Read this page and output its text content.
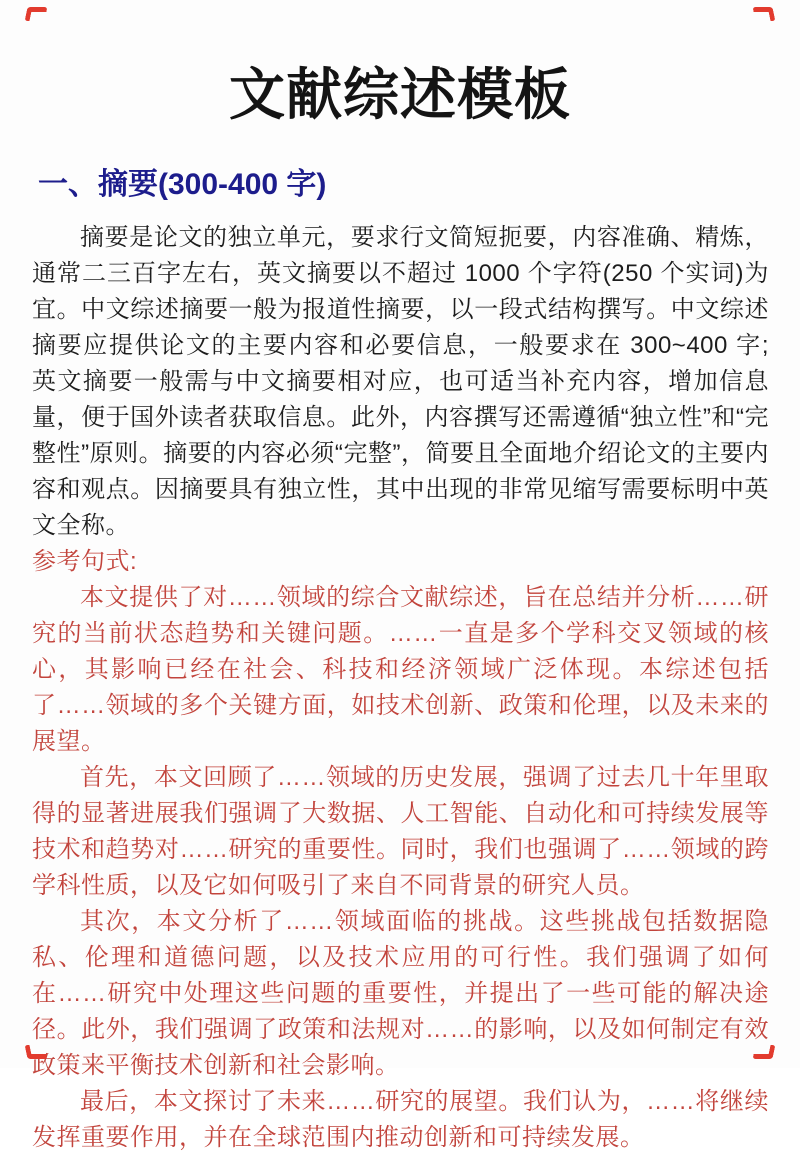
文献综述模板
一、摘要(300-400 字)

摘要是论文的独立单元，要求行文简短扼要，内容准确、精炼，通常二三百字左右，英文摘要以不超过 1000 个字符(250 个实词)为宜。中文综述摘要一般为报道性摘要，以一段式结构撰写。中文综述摘要应提供论文的主要内容和必要信息，一般要求在 300~400 字; 英文摘要一般需与中文摘要相对应，也可适当补充内容，增加信息量，便于国外读者获取信息。此外，内容撰写还需遵循“独立性”和“完整性”原则。摘要的内容必须“完整”，简要且全面地介绍论文的主要内容和观点。因摘要具有独立性，其中出现的非常见缩写需要标明中英文全称。

参考句式:

本文提供了对……领域的综合文献综述，旨在总结并分析……研究的当前状态趋势和关键问题。……一直是多个学科交叉领域的核心，其影响已经在社会、科技和经济领域广泛体现。本综述包括了……领域的多个关键方面，如技术创新、政策和伦理，以及未来的展望。

首先，本文回顾了……领域的历史发展，强调了过去几十年里取得的显著进展我们强调了大数据、人工智能、自动化和可持续发展等技术和趋势对……研究的重要性。同时，我们也强调了……领域的跨学科性质，以及它如何吸引了来自不同背景的研究人员。

其次，本文分析了……领域面临的挑战。这些挑战包括数据隐私、伦理和道德问题，以及技术应用的可行性。我们强调了如何在……研究中处理这些问题的重要性，并提出了一些可能的解决途径。此外，我们强调了政策和法规对……的影响，以及如何制定有效政策来平衡技术创新和社会影响。

最后，本文探讨了未来……研究的展望。我们认为，……将继续发挥重要作用，并在全球范围内推动创新和可持续发展。
